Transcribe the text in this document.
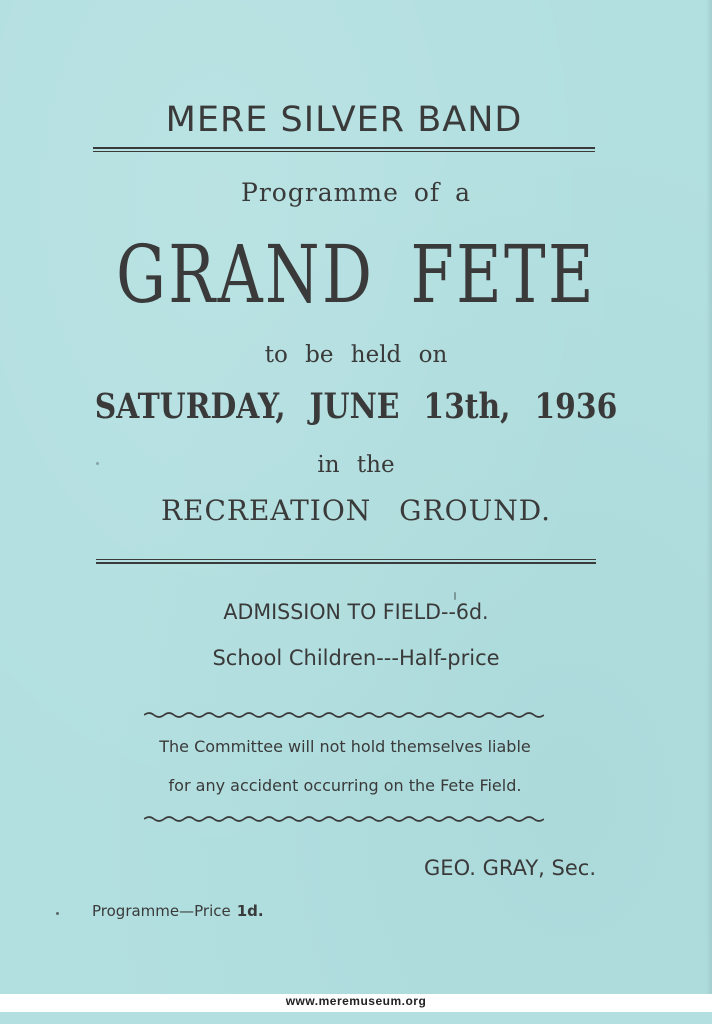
MERE SILVER BAND
Programme of a
GRAND FETE
to be held on
SATURDAY, JUNE 13th, 1936
in the
RECREATION GROUND.
ADMISSION TO FIELD--6d.
School Children---Half-price
The Committee will not hold themselves liable
for any accident occurring on the Fete Field.
GEO. GRAY, Sec.
Programme—Price 1d.
www.meremuseum.org
